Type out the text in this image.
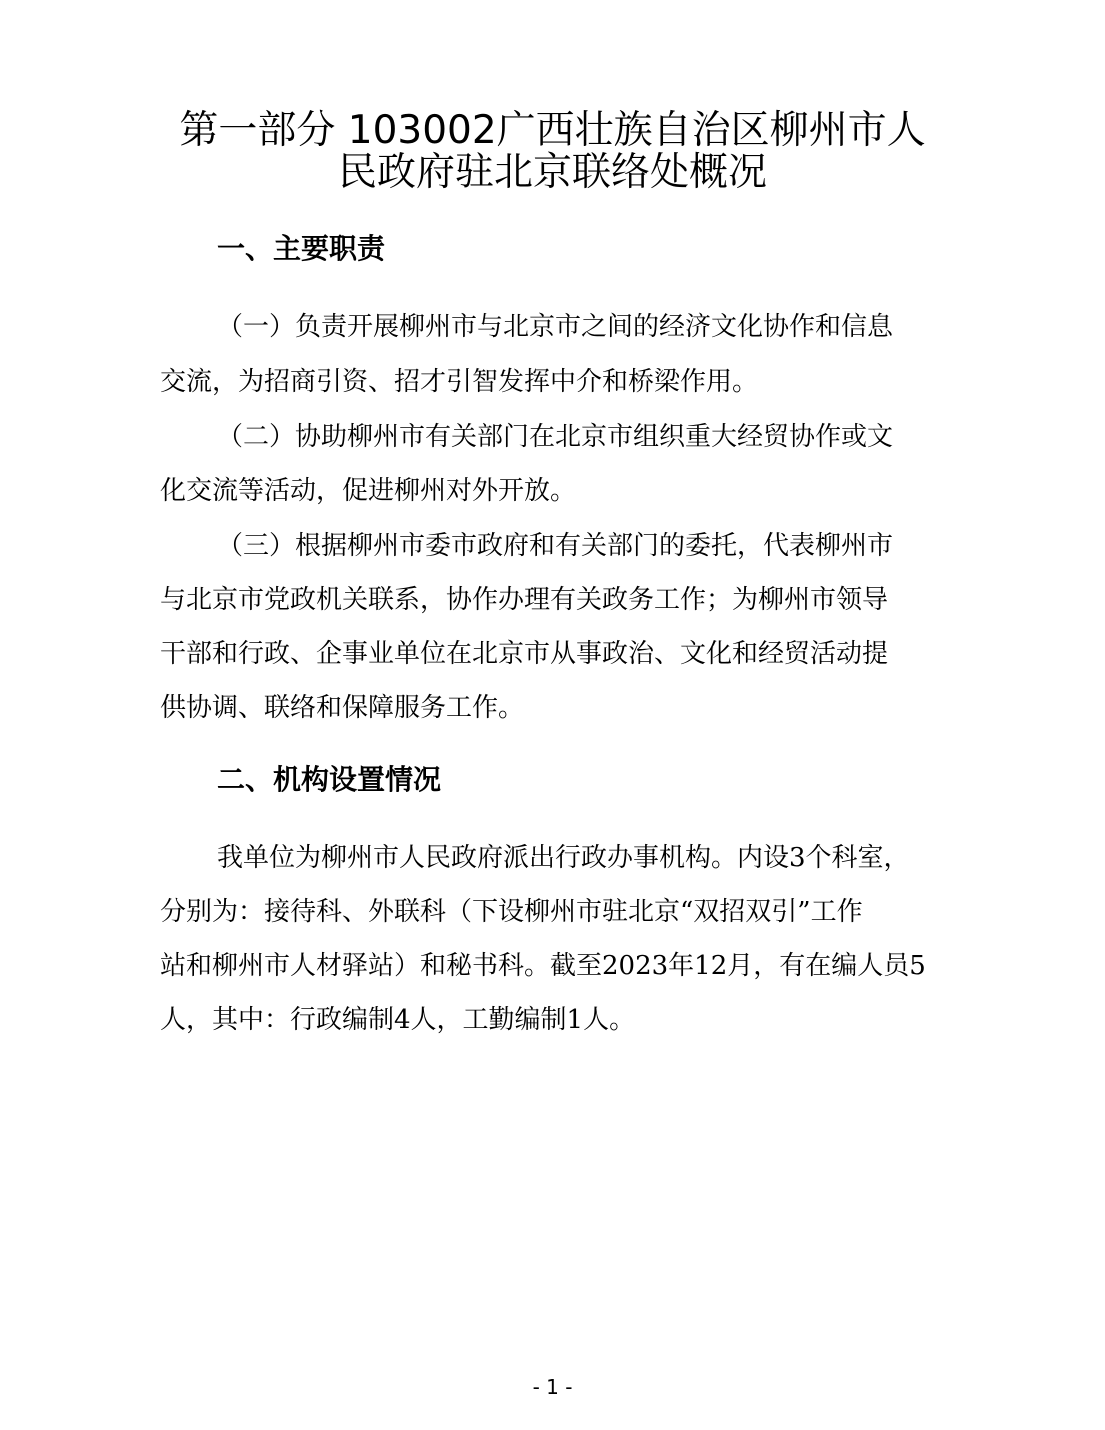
第一部分 103002广西壮族自治区柳州市人
民政府驻北京联络处概况
一、主要职责

（一）负责开展柳州市与北京市之间的经济文化协作和信息

交流，为招商引资、招才引智发挥中介和桥梁作用。

（二）协助柳州市有关部门在北京市组织重大经贸协作或文

化交流等活动，促进柳州对外开放。

（三）根据柳州市委市政府和有关部门的委托，代表柳州市

与北京市党政机关联系，协作办理有关政务工作；为柳州市领导

干部和行政、企事业单位在北京市从事政治、文化和经贸活动提

供协调、联络和保障服务工作。

二、机构设置情况

我单位为柳州市人民政府派出行政办事机构。内设3个科室，

分别为：接待科、外联科（下设柳州市驻北京“双招双引”工作

站和柳州市人材驿站）和秘书科。截至2023年12月，有在编人员5

人，其中：行政编制4人，工勤编制1人。

- 1 -
